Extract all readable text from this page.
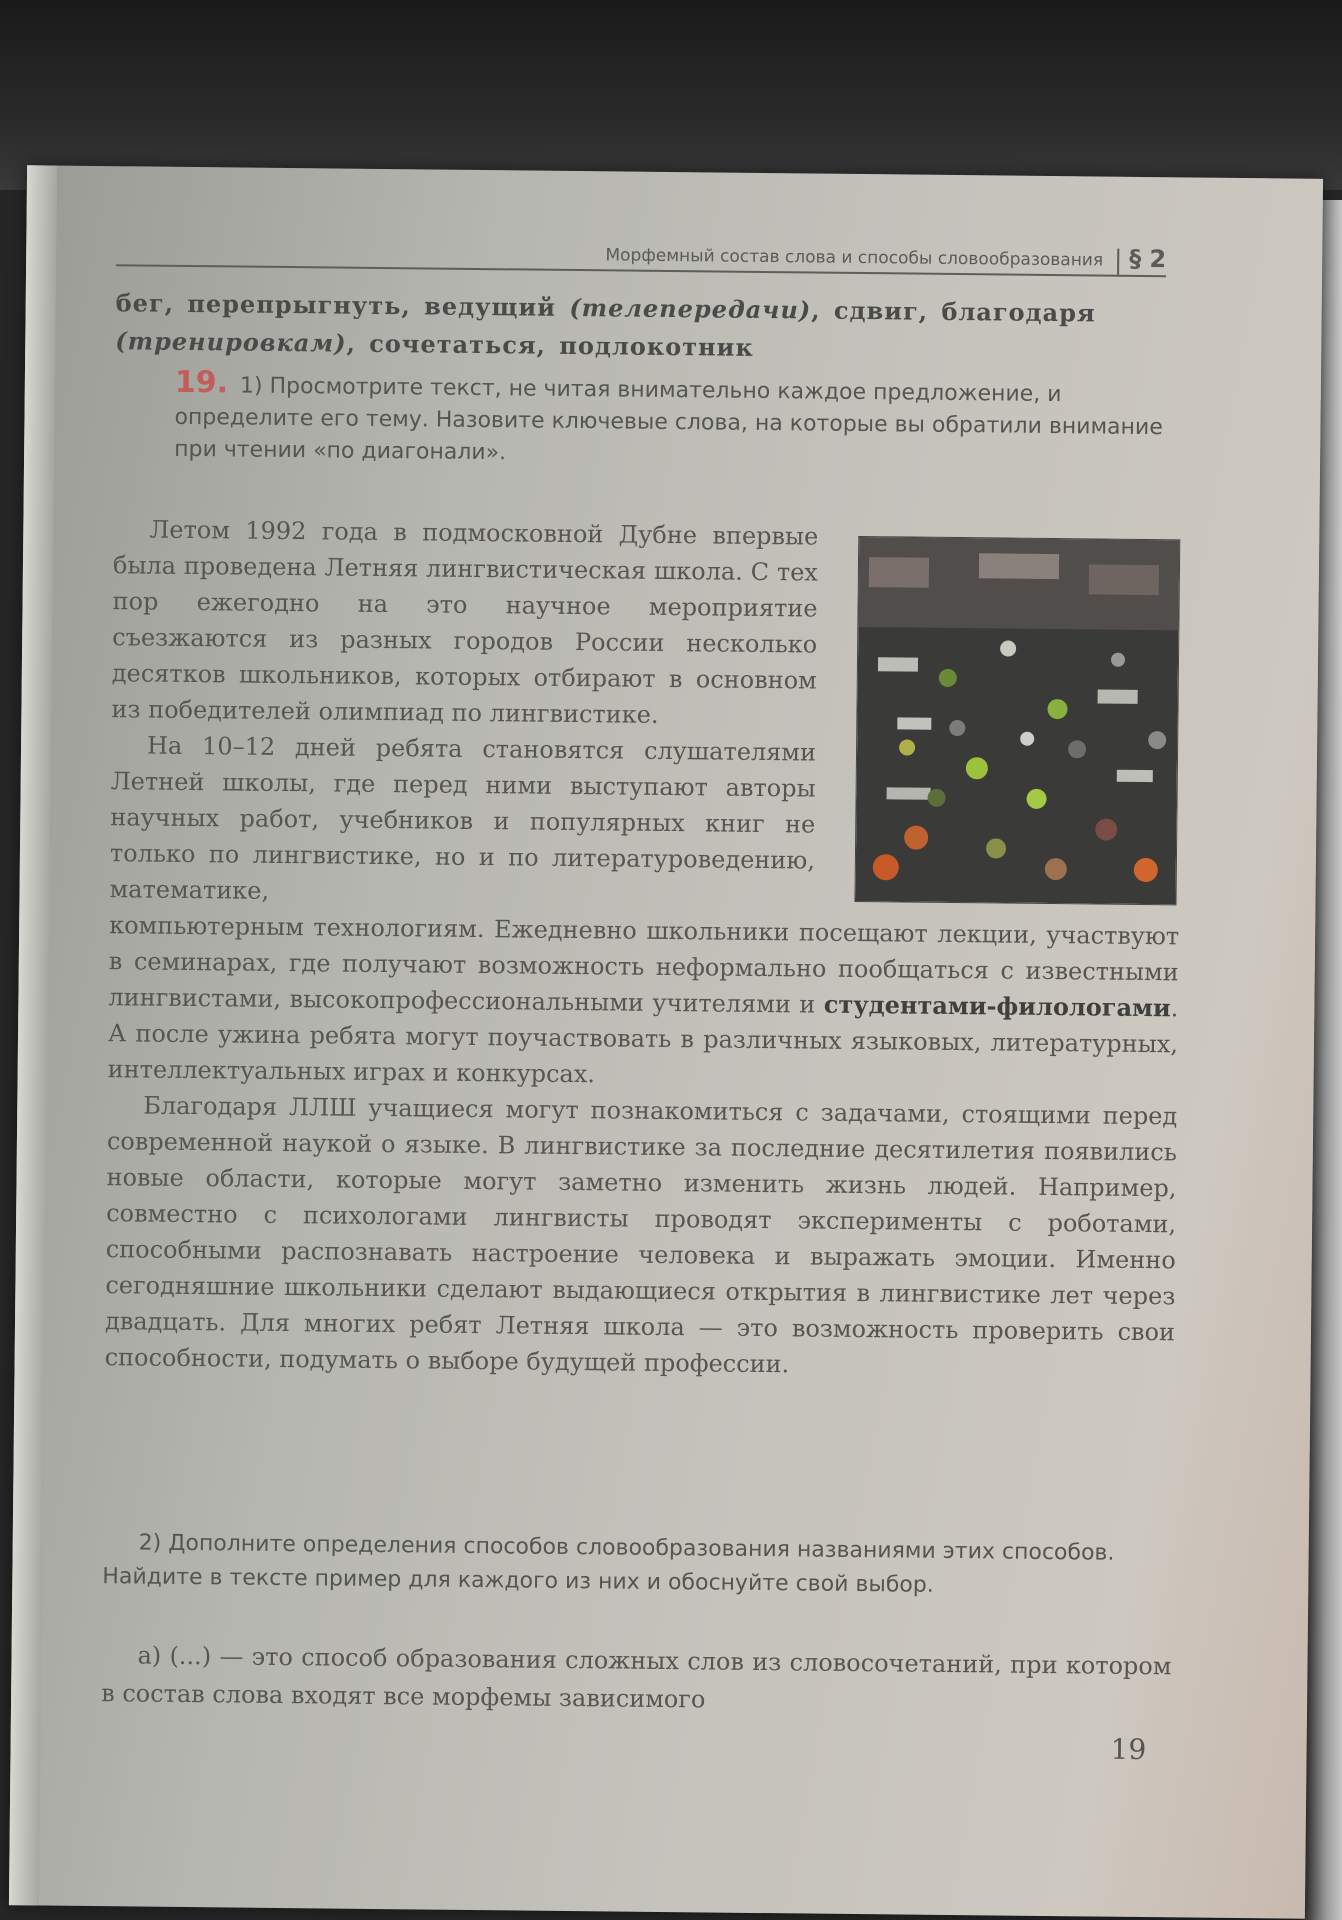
Морфемный состав слова и способы словообразования § 2
бег, перепрыгнуть, ведущий (телепередачи), сдвиг, благодаря (тренировкам), сочетаться, подлокотник
19. 1) Просмотрите текст, не читая внимательно каждое предложение, и определите его тему. Назовите ключевые слова, на которые вы обратили внимание при чтении «по диагонали».

Летом 1992 года в подмосковной Дубне впервые была проведена Летняя лингвистическая школа. С тех пор ежегодно на это научное мероприятие съезжаются из разных городов России несколько десятков школьников, которых отбирают в основном из победителей олимпиад по лингвистике.

На 10–12 дней ребята становятся слушателями Летней школы, где перед ними выступают авторы научных работ, учебников и популярных книг не только по лингвистике, но и по литературоведению, математике,

компьютерным технологиям. Ежедневно школьники посещают лекции, участвуют в семинарах, где получают возможность неформально пообщаться с известными лингвистами, высокопрофессиональными учителями и студентами-филологами. А после ужина ребята могут поучаствовать в различных языковых, литературных, интеллектуальных играх и конкурсах.

Благодаря ЛЛШ учащиеся могут познакомиться с задачами, стоящими перед современной наукой о языке. В лингвистике за последние десятилетия появились новые области, которые могут заметно изменить жизнь людей. Например, совместно с психологами лингвисты проводят эксперименты с роботами, способными распознавать настроение человека и выражать эмоции. Именно сегодняшние школьники сделают выдающиеся открытия в лингвистике лет через двадцать. Для многих ребят Летняя школа — это возможность проверить свои способности, подумать о выборе будущей профессии.

2) Дополните определения способов словообразования названиями этих способов. Найдите в тексте пример для каждого из них и обоснуйте свой выбор.
а) (...) — это способ образования сложных слов из словосочетаний, при котором в состав слова входят все морфемы зависимого
19
